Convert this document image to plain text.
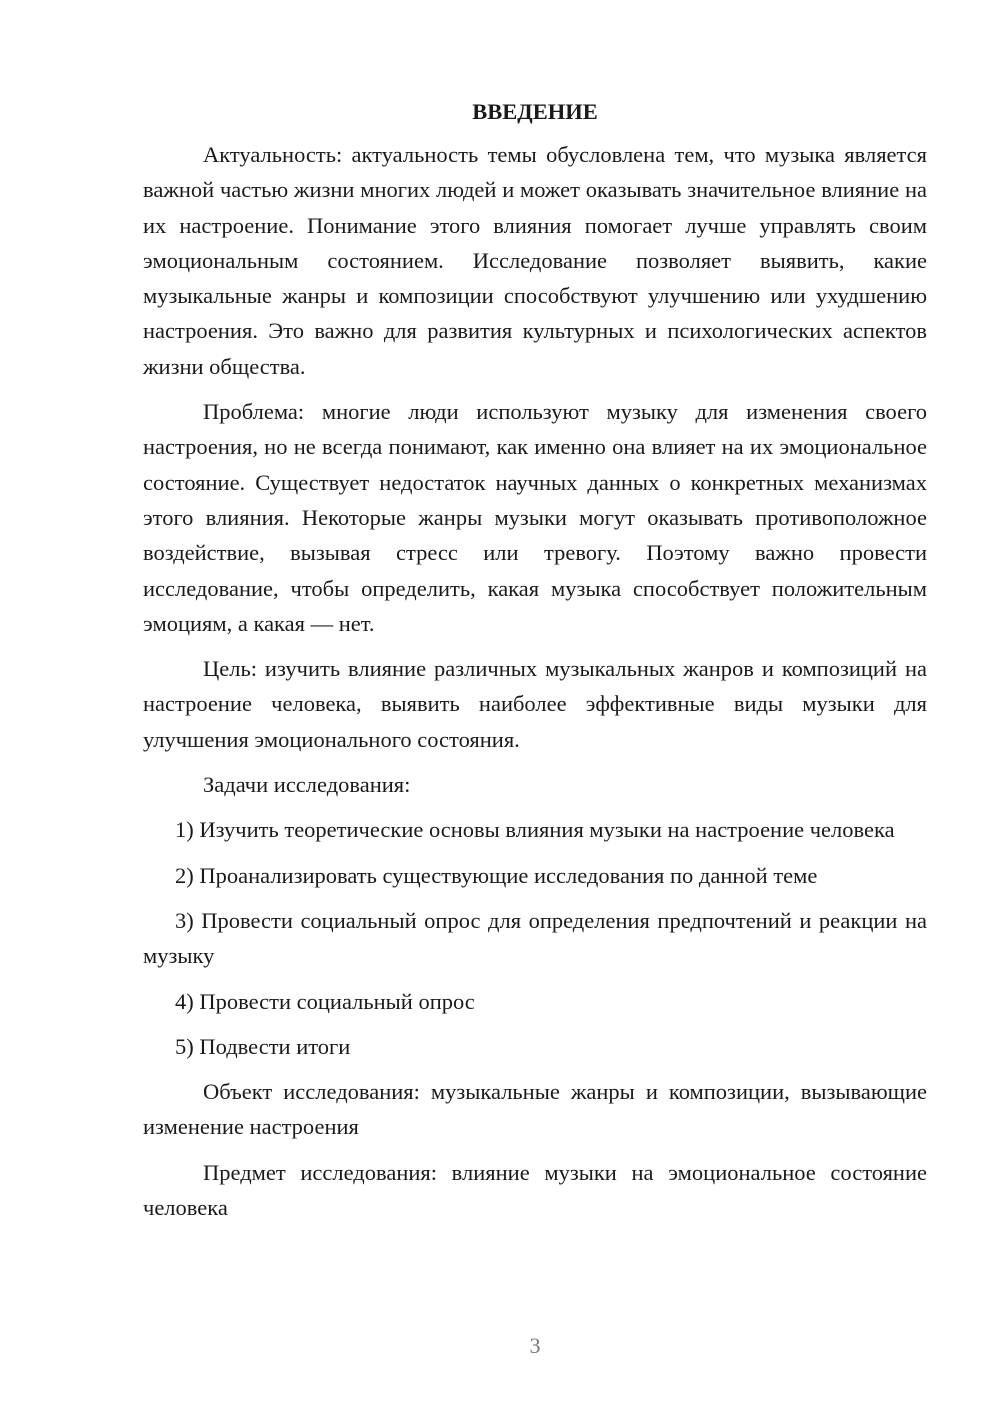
ВВЕДЕНИЕ

Актуальность: актуальность темы обусловлена тем, что музыка является важной частью жизни многих людей и может оказывать значительное влияние на их настроение. Понимание этого влияния помогает лучше управлять своим эмоциональным состоянием. Исследование позволяет выявить, какие музыкальные жанры и композиции способствуют улучшению или ухудшению настроения. Это важно для развития культурных и психологических аспектов жизни общества.

Проблема: многие люди используют музыку для изменения своего настроения, но не всегда понимают, как именно она влияет на их эмоциональное состояние. Существует недостаток научных данных о конкретных механизмах этого влияния. Некоторые жанры музыки могут оказывать противоположное воздействие, вызывая стресс или тревогу. Поэтому важно провести исследование, чтобы определить, какая музыка способствует положительным эмоциям, а какая — нет.

Цель: изучить влияние различных музыкальных жанров и композиций на настроение человека, выявить наиболее эффективные виды музыки для улучшения эмоционального состояния.

Задачи исследования:

1) Изучить теоретические основы влияния музыки на настроение человека

2) Проанализировать существующие исследования по данной теме

3) Провести социальный опрос для определения предпочтений и реакции на музыку

4) Провести социальный опрос

5) Подвести итоги

Объект исследования: музыкальные жанры и композиции, вызывающие изменение настроения

Предмет исследования: влияние музыки на эмоциональное состояние человека

3
